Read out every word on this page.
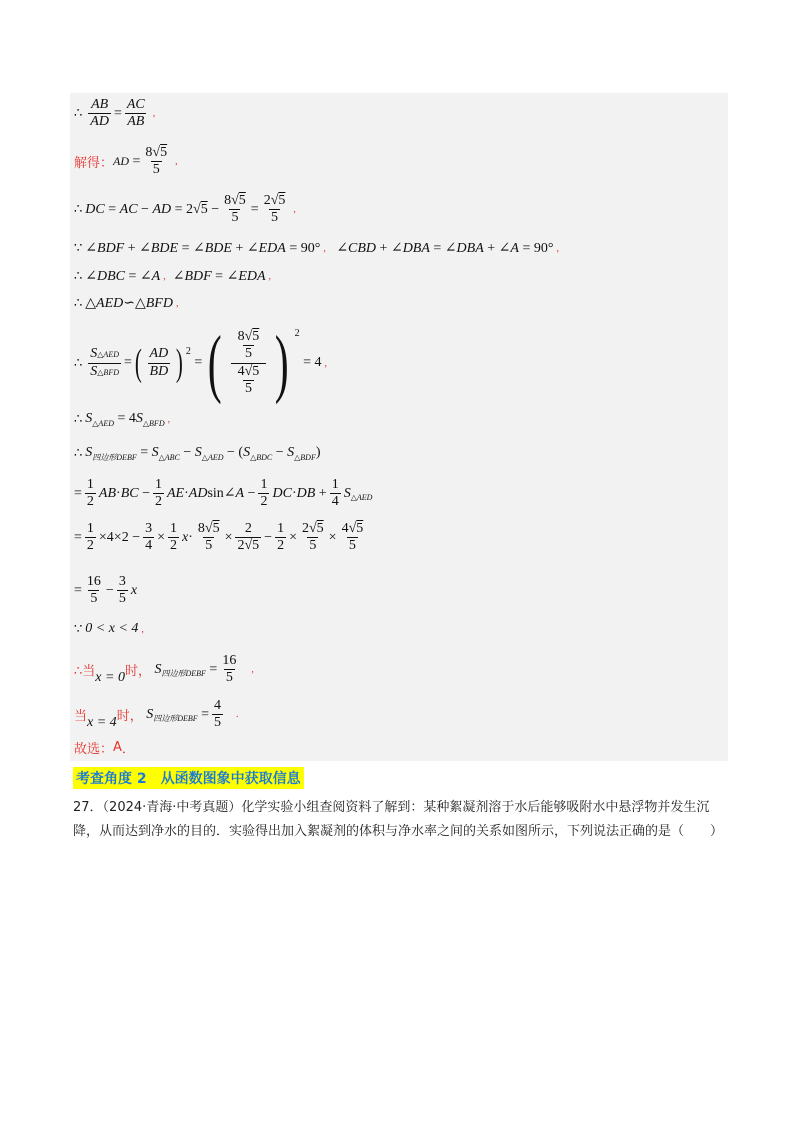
∴ $\frac{AB}{AD} = \frac{AC}{AB}$ ,
解得： AD = $\frac{8√5}{5}$ ,
∴ DC = AC − AD = 2√ $5 - \frac{8√5}{5} = \frac{2√5}{5}$ ,
∵ ∠ BDF + ∠ BDE = ∠ BDE + ∠ EDA = 90° , ∠ CBD + ∠ DBA = ∠ DBA + ∠ A = 90° ,
∴ ∠ DBC = ∠ A , ∠ BDF = ∠ EDA ,
∴ △AED∽△BFD ,
∴ $\frac{\text{S△AED}}{\text{S△BFD}}$ = ( $\frac{AD}{BD}$ ) 2
= ( $\frac{\frac{8√5}{5}}{\frac{4√5}{5}}$ ) 2
= 4 ,
∴ S △AED = 4 S △BFD ,
∴ S 四边形DEBF = S △ABC − S △AED − ( S △BDC − S △BDF )
= $\frac{1}{2}$ AB · BC − $\frac{1}{2}$ AE · AD sin∠ $A - \frac{1}{2}$ DC · DB + $\frac{1}{4}$ S △AED
= $\frac{1}{2} \times 4\times 2 - \frac{3}{4} \times \frac{1}{2}$ $x \cdot \frac{8√5}{5} \times \frac{2}{2√5} - \frac{1}{2} \times \frac{2√5}{5} \times \frac{4√5}{5}$
= $\frac{16}{5} - \frac{3}{5}$ x
∵ 0 < x < 4 ,
∴当 x = 0 时，
S 四边形DEBF = $\frac{16}{5}$
,
当 x = 4 时，
S 四边形DEBF = $\frac{4}{5}$
.
故选： A ．
考查角度 2　从函数图象中获取信息
27．（2024·青海·中考真题）化学实验小组查阅资料了解到：某种絮凝剂溶于水后能够吸附水中悬浮物并发生沉降，从而达到净水的目的．实验得出加入絮凝剂的体积与净水率之间的关系如图所示，下列说法正确的是（　　）
